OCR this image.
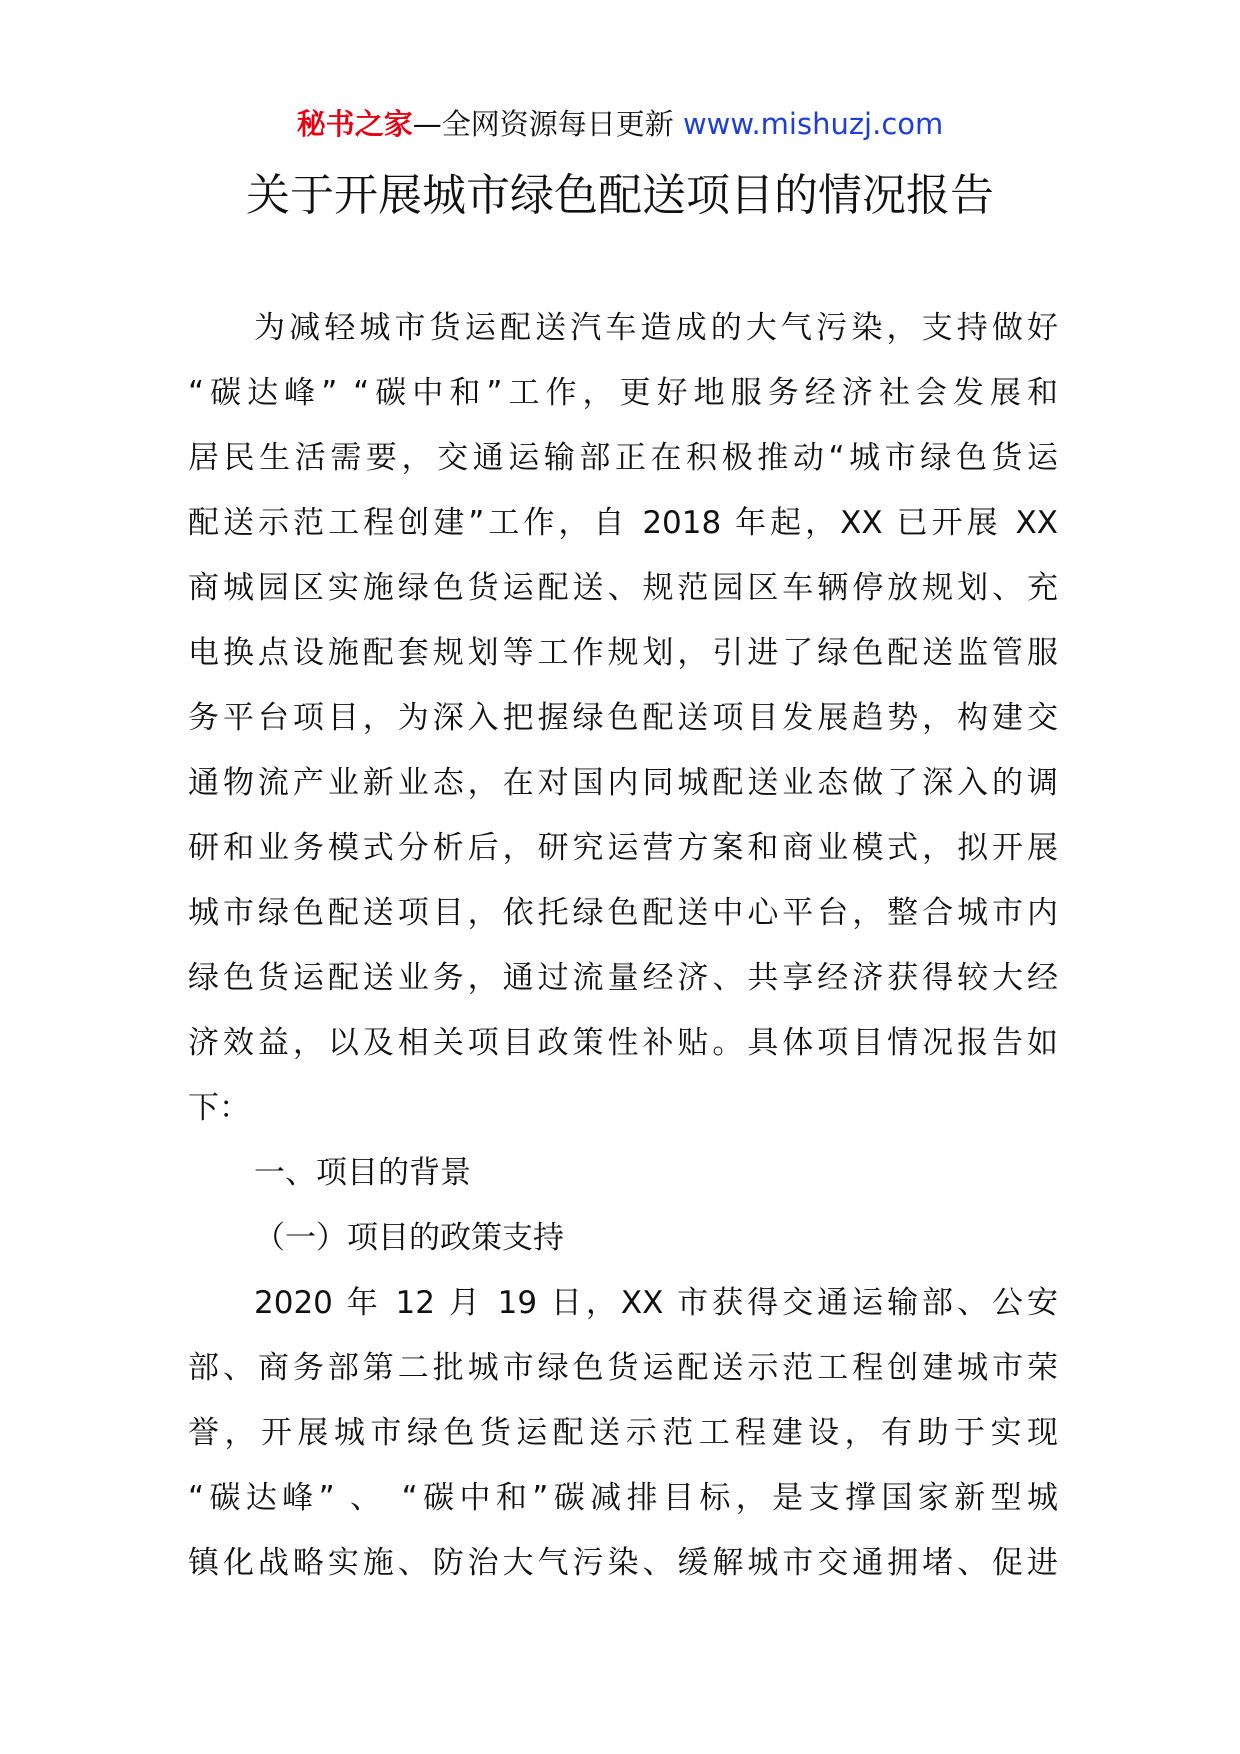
秘书之家—全网资源每日更新 www.mishuzj.com
关于开展城市绿色配送项目的情况报告
为减轻城市货运配送汽车造成的大气污染，支持做好
“碳达峰” “碳中和”工作，更好地服务经济社会发展和
居民生活需要，交通运输部正在积极推动“城市绿色货运
配送示范工程创建”工作，自 2018 年起，XX 已开展 XX
商城园区实施绿色货运配送、规范园区车辆停放规划、充
电换点设施配套规划等工作规划，引进了绿色配送监管服
务平台项目，为深入把握绿色配送项目发展趋势，构建交
通物流产业新业态，在对国内同城配送业态做了深入的调
研和业务模式分析后，研究运营方案和商业模式，拟开展
城市绿色配送项目，依托绿色配送中心平台，整合城市内
绿色货运配送业务，通过流量经济、共享经济获得较大经
济效益，以及相关项目政策性补贴。具体项目情况报告如
下：
一、项目的背景
（一）项目的政策支持
2020 年 12 月 19 日，XX 市获得交通运输部、公安
部、商务部第二批城市绿色货运配送示范工程创建城市荣
誉，开展城市绿色货运配送示范工程建设，有助于实现
“碳达峰” 、 “碳中和”碳减排目标，是支撑国家新型城
镇化战略实施、防治大气污染、缓解城市交通拥堵、促进
